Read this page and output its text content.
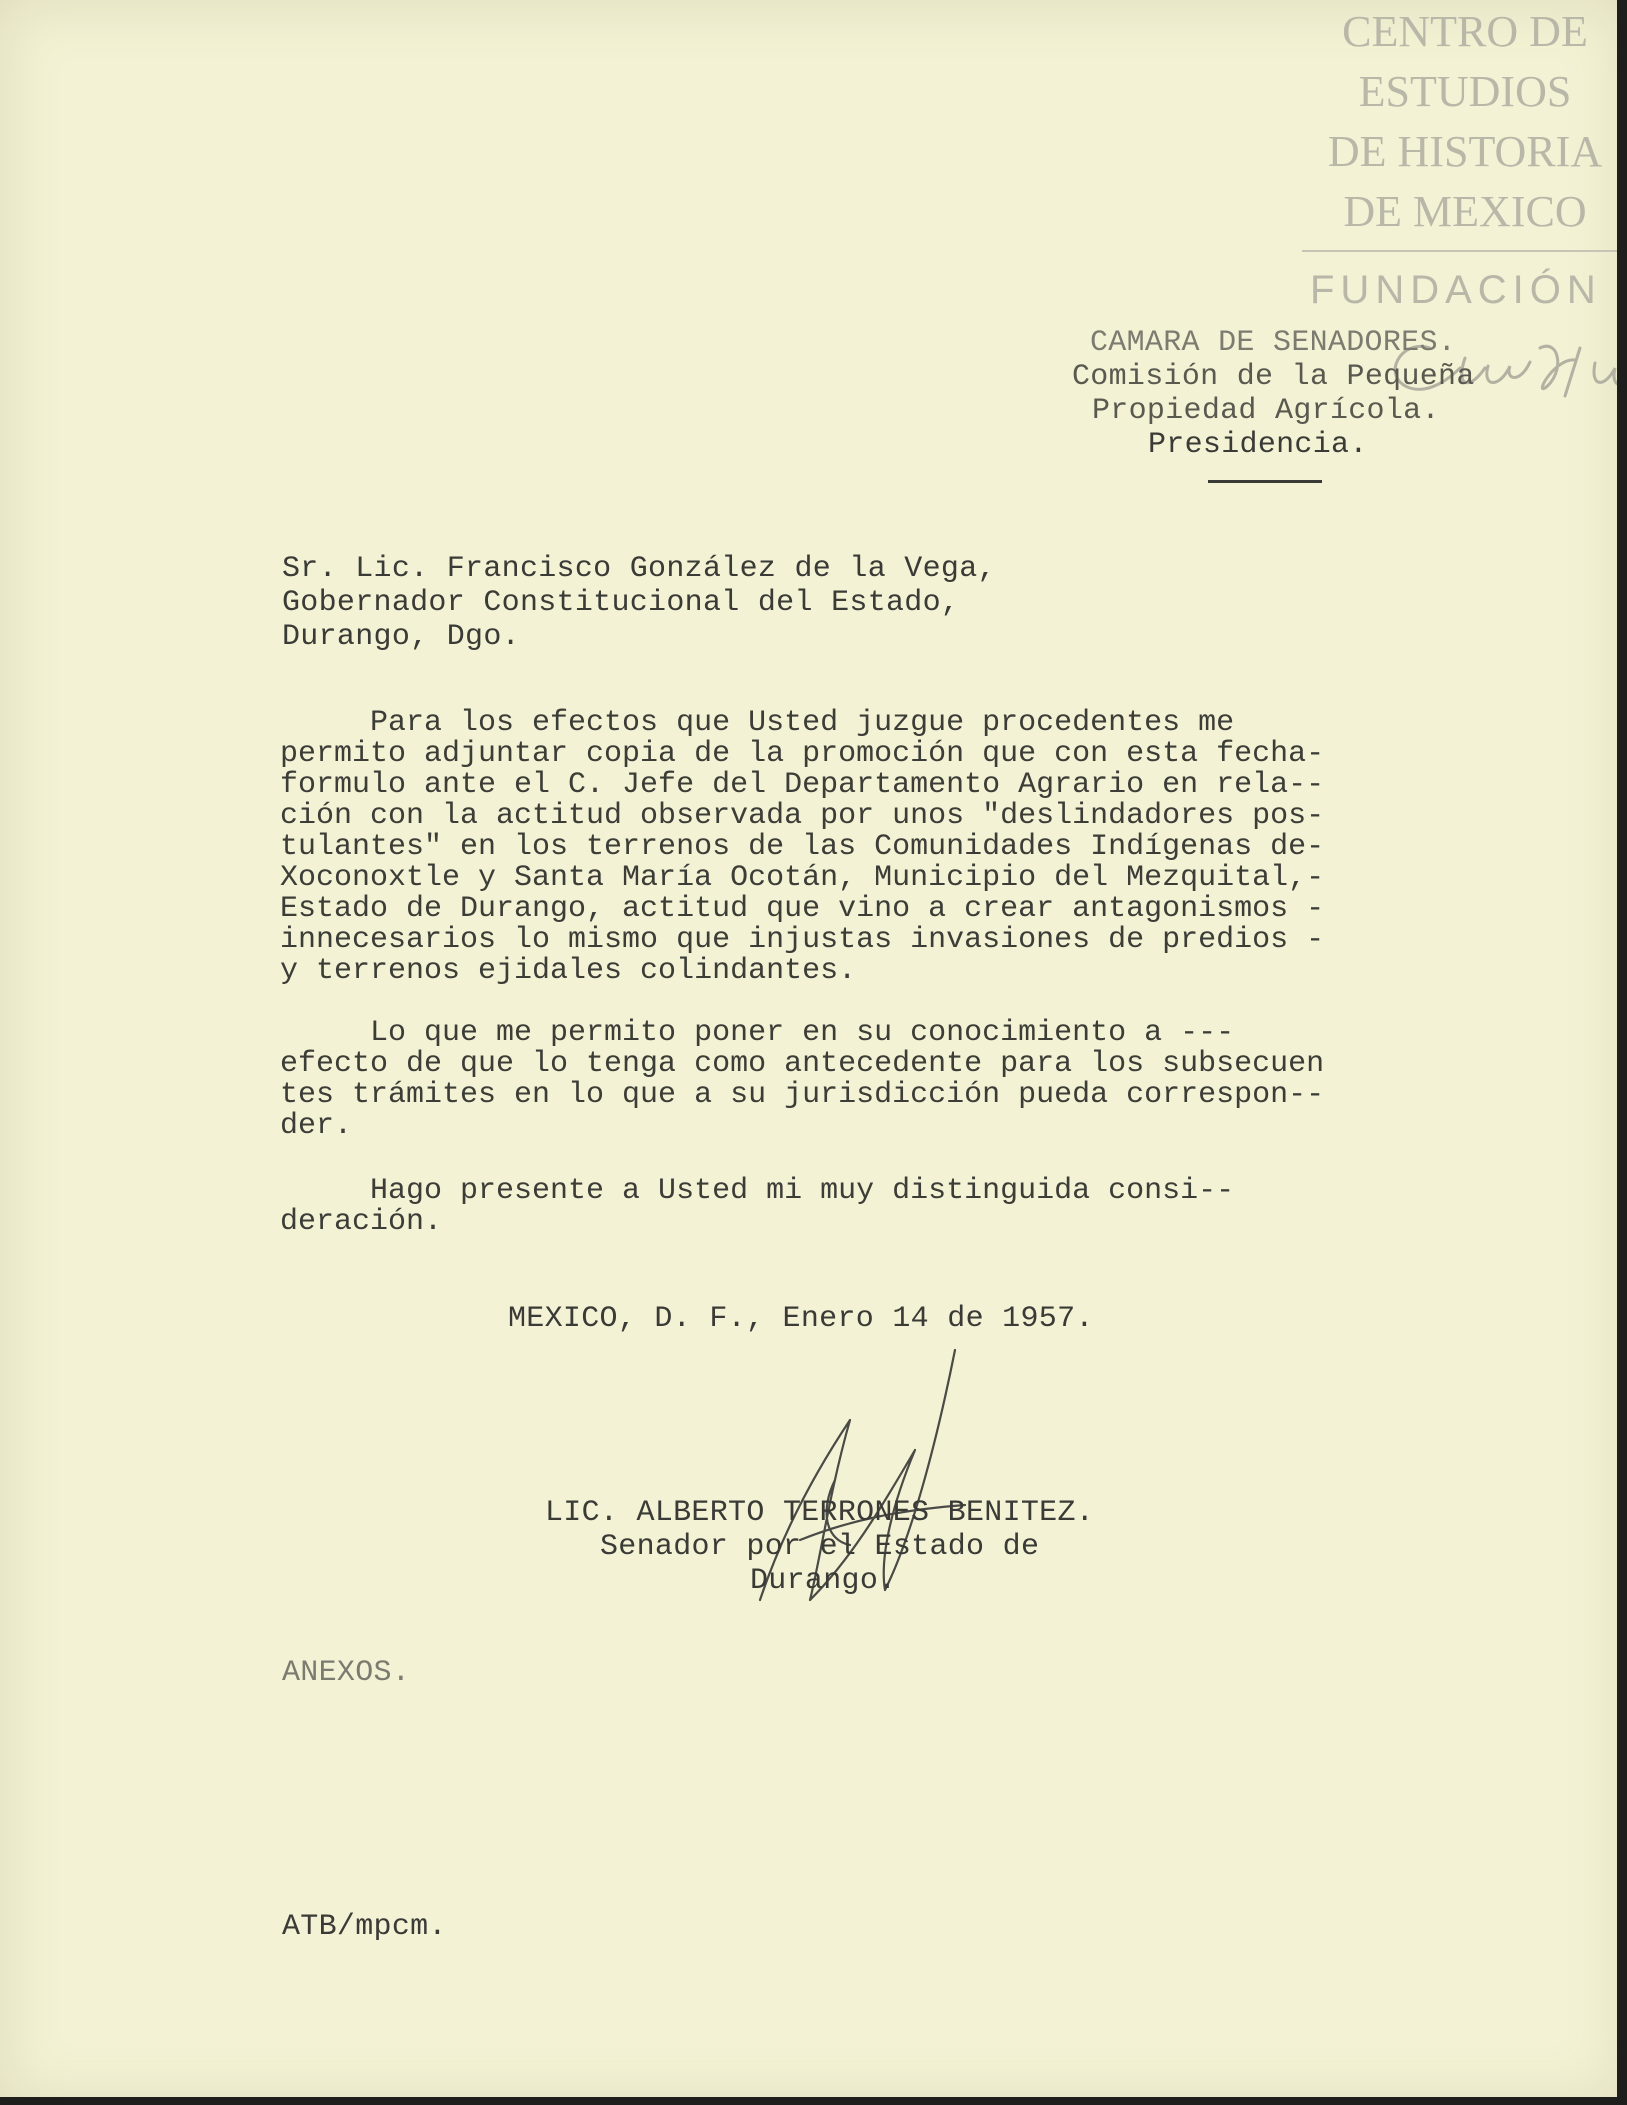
CENTRO DE
ESTUDIOS
DE HISTORIA
DE MEXICO
FUNDACIÓN

CAMARA DE SENADORES.

Comisión de la Pequeña

Propiedad Agrícola.

Presidencia.

Sr. Lic. Francisco González de la Vega,

Gobernador Constitucional del Estado,

Durango, Dgo.

Para los efectos que Usted juzgue procedentes me
permito adjuntar copia de la promoción que con esta fecha-
formulo ante el C. Jefe del Departamento Agrario en rela--
ción con la actitud observada por unos "deslindadores pos-
tulantes" en los terrenos de las Comunidades Indígenas de-
Xoconoxtle y Santa María Ocotán, Municipio del Mezquital,-
Estado de Durango, actitud que vino a crear antagonismos -
innecesarios lo mismo que injustas invasiones de predios -
y terrenos ejidales colindantes.
Lo que me permito poner en su conocimiento a ---
efecto de que lo tenga como antecedente para los subsecuen
tes trámites en lo que a su jurisdicción pueda correspon--
der.
Hago presente a Usted mi muy distinguida consi--
deración.

MEXICO, D. F., Enero 14 de 1957.

LIC. ALBERTO TERRONES BENITEZ.

Senador por el Estado de

Durango.

ANEXOS.

ATB/mpcm.
